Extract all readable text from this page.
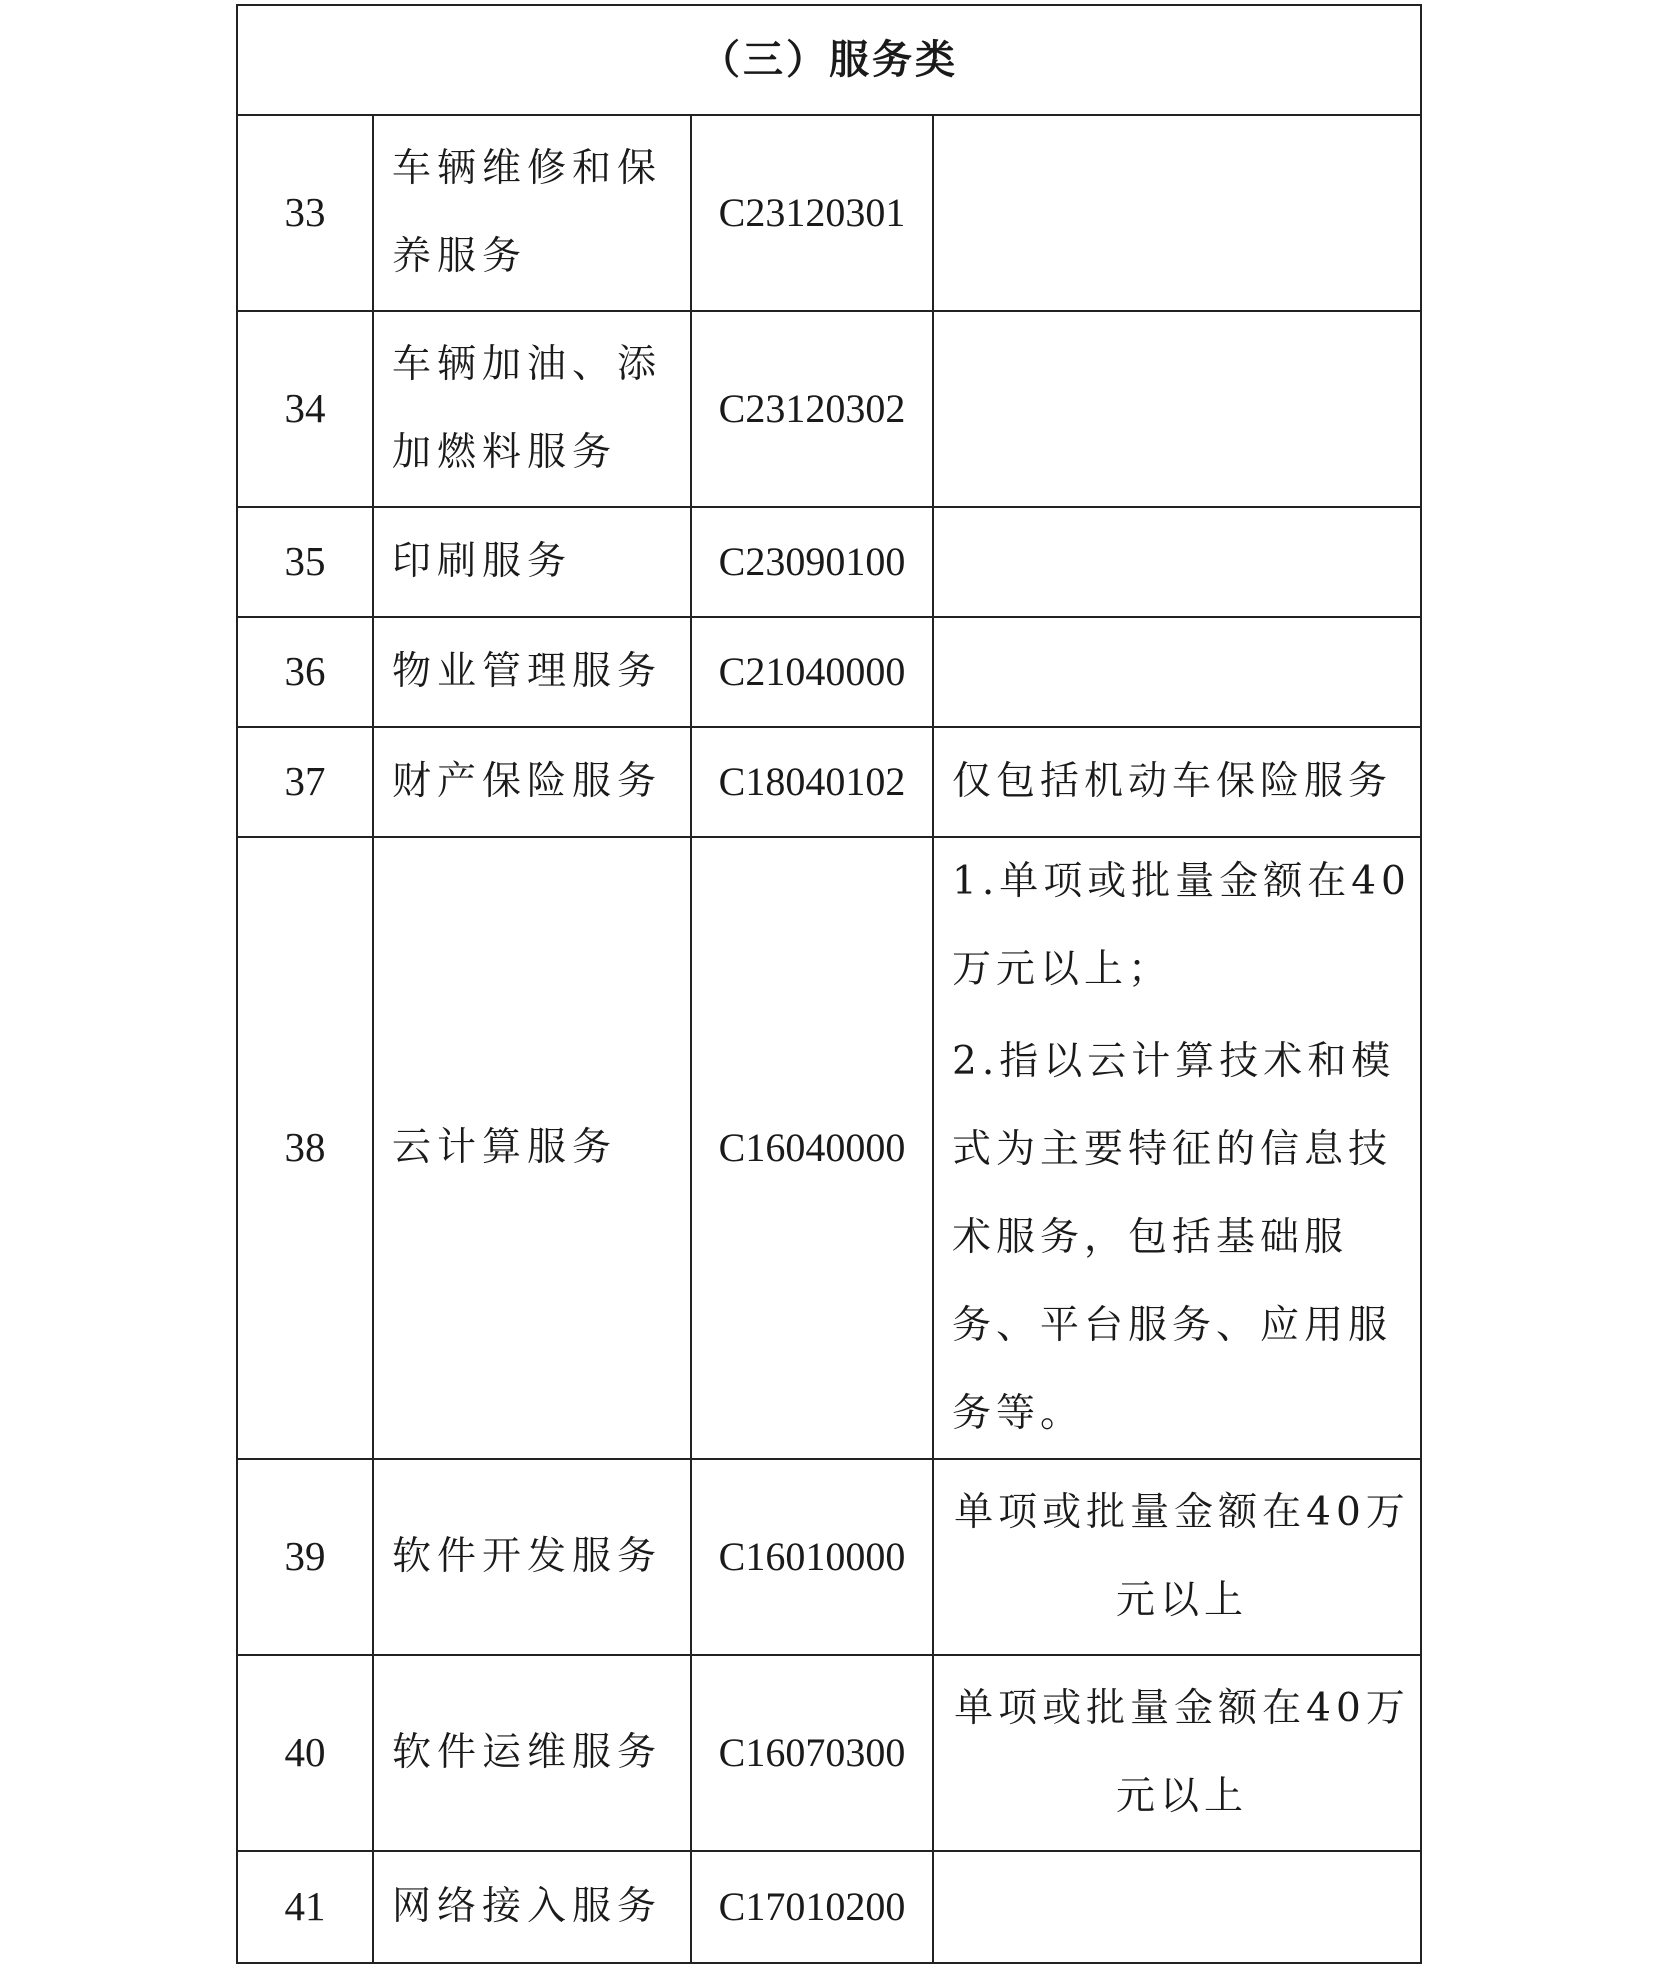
（三）服务类			
33	车辆维修和保养服务	C23120301	
34	车辆加油、添加燃料服务	C23120302	
35	印刷服务	C23090100	
36	物业管理服务	C21040000	
37	财产保险服务	C18040102	仅包括机动车保险服务

38	云计算服务	C16040000	1.单项或批量金额在40万元以上；

2.指以云计算技术和模式为主要特征的信息技术服务，包括基础服务、平台服务、应用服务等。

39	软件开发服务	C16010000	单项或批量金额在40万元以上

40	软件运维服务	C16070300	单项或批量金额在40万元以上

41	网络接入服务	C17010200	
